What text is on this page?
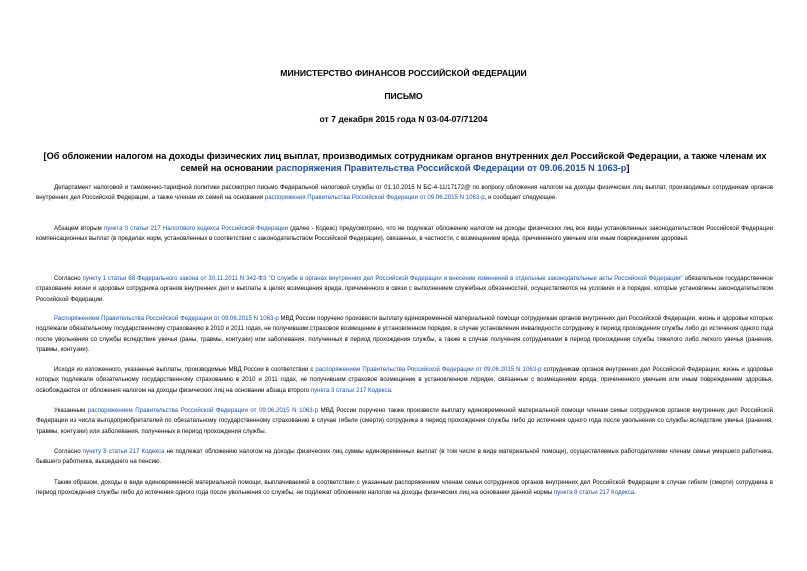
МИНИСТЕРСТВО ФИНАНСОВ РОССИЙСКОЙ ФЕДЕРАЦИИ
ПИСЬМО
от 7 декабря 2015 года N 03-04-07/71204
[Об обложении налогом на доходы физических лиц выплат, производимых сотрудникам органов внутренних дел Российской Федерации, а также членам их семей на основании распоряжения Правительства Российской Федерации от 09.06.2015 N 1063-р]

Департамент налоговой и таможенно-тарифной политики рассмотрел письмо Федеральной налоговой службы от 01.10.2015 N БС-4-11/17172@ по вопросу обложения налогом на доходы физических лиц выплат, производимых сотрудникам органов внутренних дел Российской Федерации, а также членам их семей на основании распоряжения Правительства Российской Федерации от 09.06.2015 N 1063-р, и сообщает следующее.

Абзацем вторым пункта 3 статьи 217 Налогового кодекса Российской Федерации (далее - Кодекс) предусмотрено, что не подлежат обложению налогом на доходы физических лиц все виды установленных законодательством Российской Федерации компенсационных выплат (в пределах норм, установленных в соответствии с законодательством Российской Федерации), связанных, в частности, с возмещением вреда, причиненного увечьем или иным повреждением здоровья.

Согласно пункту 1 статьи 68 Федерального закона от 30.11.2011 N 342-ФЗ "О службе в органах внутренних дел Российской Федерации и внесении изменений в отдельные законодательные акты Российской Федерации" обязательное государственное страхование жизни и здоровья сотрудника органов внутренних дел и выплаты в целях возмещения вреда, причиненного в связи с выполнением служебных обязанностей, осуществляются на условиях и в порядке, которые установлены законодательством Российской Федерации.

Распоряжением Правительства Российской Федерации от 09.06.2015 N 1063-р МВД России поручено произвести выплату единовременной материальной помощи сотрудникам органов внутренних дел Российской Федерации, жизнь и здоровье которых подлежали обязательному государственному страхованию в 2010 и 2011 годах, не получившим страховое возмещение в установленном порядке, в случае установления инвалидности сотруднику в период прохождения службы либо до истечения одного года после увольнения со службы вследствие увечья (раны, травмы, контузии) или заболевания, полученных в период прохождения службы, а также в случае получения сотрудниками в период прохождения службы тяжелого либо легкого увечья (ранения, травмы, контузии).

Исходя из изложенного, указанные выплаты, производимые МВД России в соответствии с распоряжением Правительства Российской Федерации от 09.06.2015 N 1063-р сотрудникам органов внутренних дел Российской Федерации, жизнь и здоровье которых подлежали обязательному государственному страхованию в 2010 и 2011 годах, не получившим страховое возмещение в установленном порядке, связанные с возмещением вреда, причиненного увечьем или иным повреждением здоровья, освобождаются от обложения налогом на доходы физических лиц на основании абзаца второго пункта 3 статьи 217 Кодекса.

Указанным распоряжением Правительства Российской Федерации от 09.06.2015 N 1063-р МВД России поручено также произвести выплату единовременной материальной помощи членам семьи сотрудников органов внутренних дел Российской Федерации из числа выгодоприобретателей по обязательному государственному страхованию в случае гибели (смерти) сотрудника в период прохождения службы либо до истечения одного года после увольнения со службы вследствие увечья (ранения, травмы, контузии) или заболевания, полученных в период прохождения службы.

Согласно пункту 8 статьи 217 Кодекса не подлежат обложению налогом на доходы физических лиц суммы единовременных выплат (в том числе в виде материальной помощи), осуществляемых работодателями членам семьи умершего работника, бывшего работника, вышедшего на пенсию.

Таким образом, доходы в виде единовременной материальной помощи, выплачиваемой в соответствии с указанным распоряжением членам семьи сотрудников органов внутренних дел Российской Федерации в случае гибели (смерти) сотрудника в период прохождения службы либо до истечения одного года после увольнения со службы, не подлежат обложению налогом на доходы физических лиц на основании данной нормы пункта 8 статьи 217 Кодекса.
